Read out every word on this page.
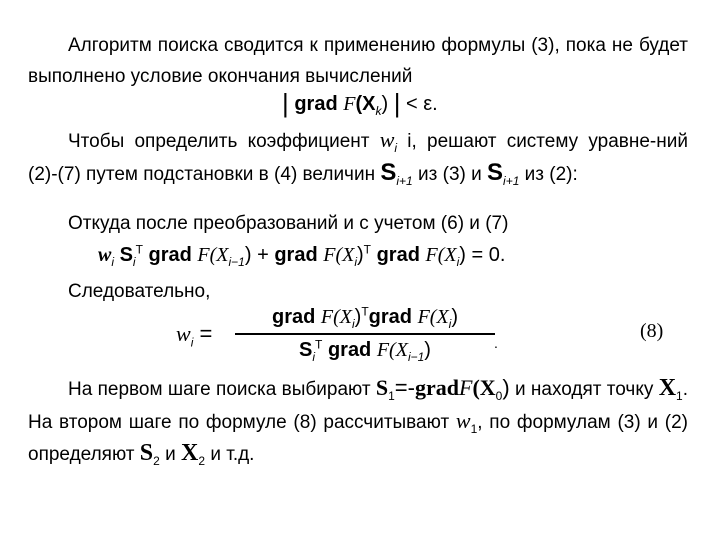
Алгоритм поиска сводится к применению формулы (3), пока не будет выполнено условие окончания вычислений
| grad $F(X_k)$ | < ε.
Чтобы определить коэффициент $w_i$ i, решают систему уравне-ний (2)-(7) путем подстановки в (4) величин $S_{i+1}$ из (3) и $S_{i+1}$ из (2):
Откуда после преобразований и с учетом (6) и (7)
$w_i$ $S_i^T$ grad $F(X_{i-1})$ + grad $F(X_i)^T$ grad $F(X_i) = 0$.
Следовательно,
$w_i$ =
grad $F(X_i)^Tgrad$ $F(X_i)$
$S_i^T$ grad $F(X_{i-1})$	.
(8)
На первом шаге поиска выбирают $S_1=-gradF(X_0)$ и находят точку $X_1$. На втором шаге по формуле (8) рассчитывают $w_1$, по формулам (3) и (2) определяют $S_2$ и $X_2$ и т.д.
